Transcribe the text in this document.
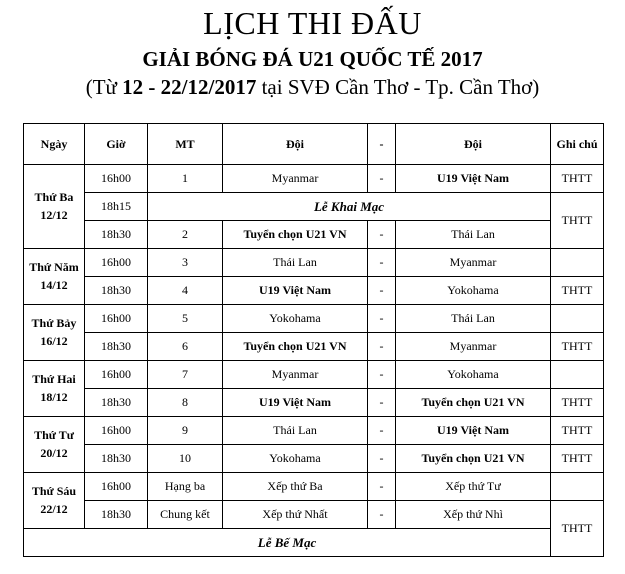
LỊCH THI ĐẤU
GIẢI BÓNG ĐÁ U21 QUỐC TẾ 2017
(Từ 12 - 22/12/2017 tại SVĐ Cần Thơ - Tp. Cần Thơ)
Ngày	Giờ	MT	Đội	-	Đội	Ghi chú
Thứ Ba
12/12	16h00	1	Myanmar	-	U19 Việt Nam	THTT
	18h15	Lễ Khai Mạc				THTT
	18h30	2	Tuyển chọn U21 VN	-	Thái Lan	
Thứ Năm
14/12	16h00	3	Thái Lan	-	Myanmar	
	18h30	4	U19 Việt Nam	-	Yokohama	THTT
Thứ Bảy
16/12	16h00	5	Yokohama	-	Thái Lan	
	18h30	6	Tuyển chọn U21 VN	-	Myanmar	THTT
Thứ Hai
18/12	16h00	7	Myanmar	-	Yokohama	
	18h30	8	U19 Việt Nam	-	Tuyển chọn U21 VN	THTT
Thứ Tư
20/12	16h00	9	Thái Lan	-	U19 Việt Nam	THTT
	18h30	10	Yokohama	-	Tuyển chọn U21 VN	THTT
Thứ Sáu
22/12	16h00	Hạng ba	Xếp thứ Ba	-	Xếp thứ Tư	
	18h30	Chung kết	Xếp thứ Nhất	-	Xếp thứ Nhì	THTT
Lễ Bế Mạc						
